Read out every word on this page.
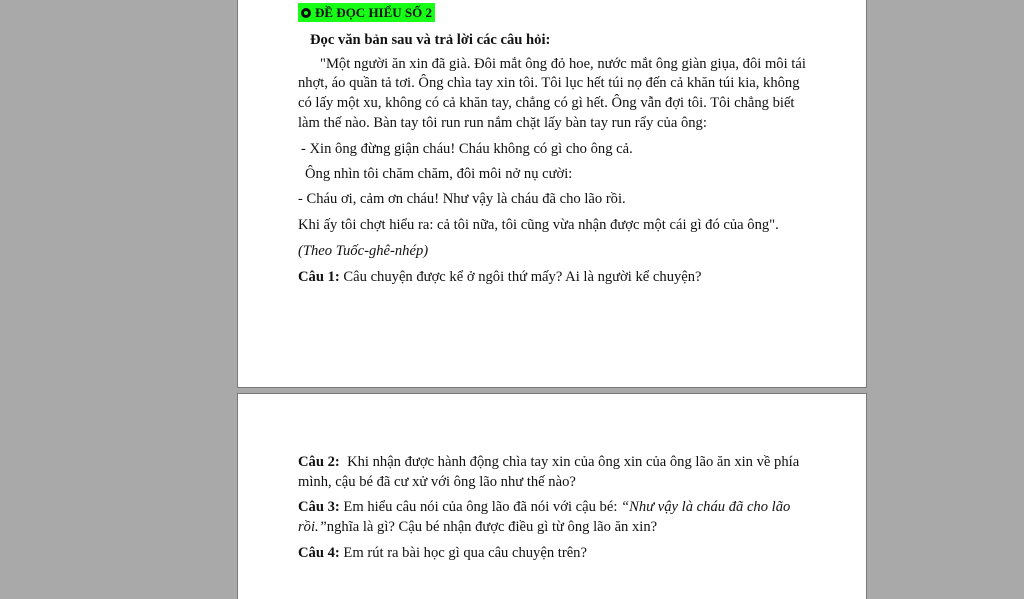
ĐỀ ĐỌC HIỂU SỐ 2
Đọc văn bản sau và trả lời các câu hỏi:
"Một người ăn xin đã già. Đôi mắt ông đỏ hoe, nước mắt ông giàn giụa, đôi môi tái
nhợt, áo quần tả tơi. Ông chìa tay xin tôi. Tôi lục hết túi nọ đến cả khăn túi kia, không
có lấy một xu, không có cả khăn tay, chẳng có gì hết. Ông vẫn đợi tôi. Tôi chẳng biết
làm thế nào. Bàn tay tôi run run nắm chặt lấy bàn tay run rẩy của ông:
- Xin ông đừng giận cháu! Cháu không có gì cho ông cả.
Ông nhìn tôi chăm chăm, đôi môi nở nụ cười:
- Cháu ơi, cảm ơn cháu! Như vậy là cháu đã cho lão rồi.
Khi ấy tôi chợt hiểu ra: cả tôi nữa, tôi cũng vừa nhận được một cái gì đó của ông".
(Theo Tuốc-ghê-nhép)
Câu 1: Câu chuyện được kể ở ngôi thứ mấy? Ai là người kể chuyện?
Câu 2:  Khi nhận được hành động chìa tay xin của ông xin của ông lão ăn xin về phía
mình, cậu bé đã cư xử với ông lão như thế nào?
Câu 3: Em hiểu câu nói của ông lão đã nói với cậu bé: “Như vậy là cháu đã cho lão
rồi.”nghĩa là gì? Cậu bé nhận được điều gì từ ông lão ăn xin?
Câu 4: Em rút ra bài học gì qua câu chuyện trên?
